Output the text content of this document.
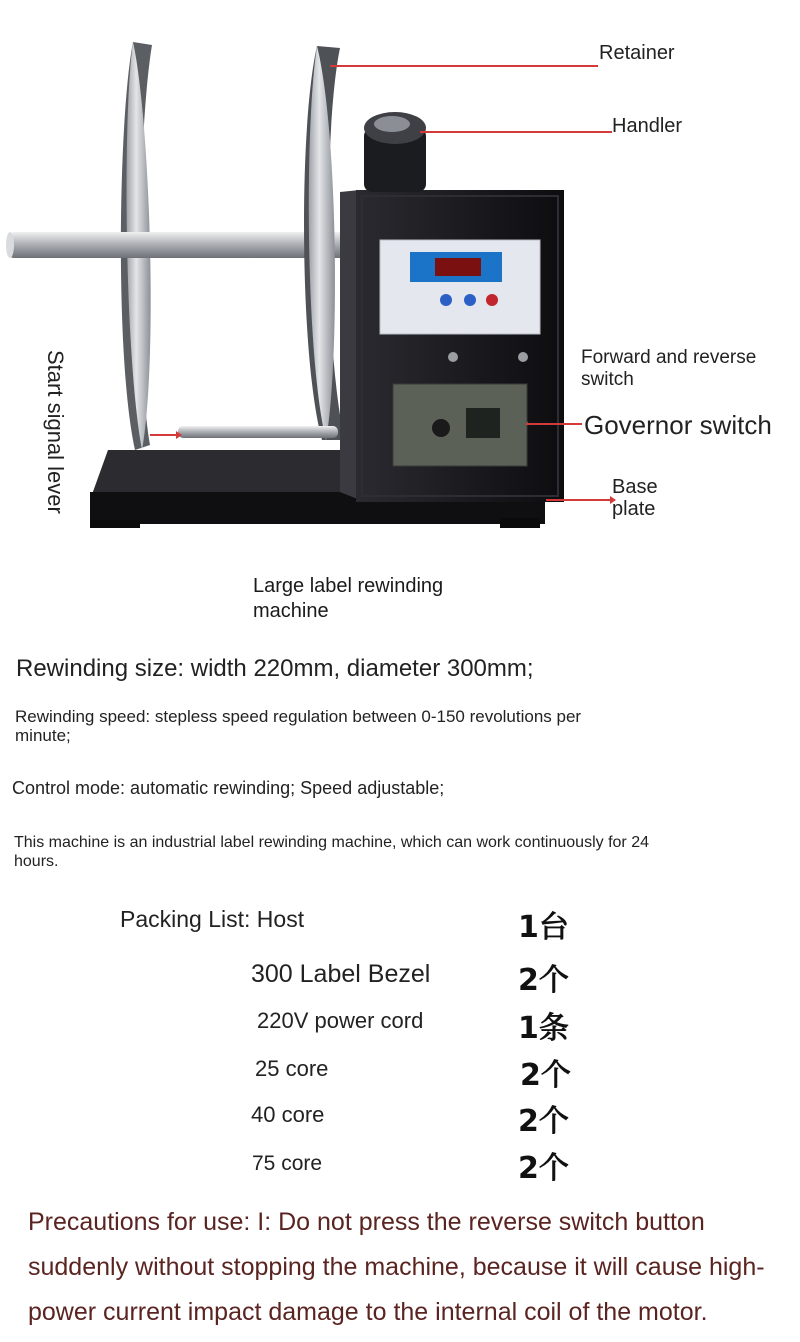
Retainer
Handler
Forward and reverse switch
Governor switch
Base plate
Start signal lever
Large label rewinding machine
Rewinding size: width 220mm, diameter 300mm;
Rewinding speed: stepless speed regulation between 0-150 revolutions per minute;
Control mode: automatic rewinding; Speed adjustable;
This machine is an industrial label rewinding machine, which can work continuously for 24 hours.
Packing List: Host	1台
300 Label Bezel	2个
220V power cord	1条
25 core	2个
40 core	2个
75 core	2个
Precautions for use: I: Do not press the reverse switch button suddenly without stopping the machine, because it will cause high-power current impact damage to the internal coil of the motor.
